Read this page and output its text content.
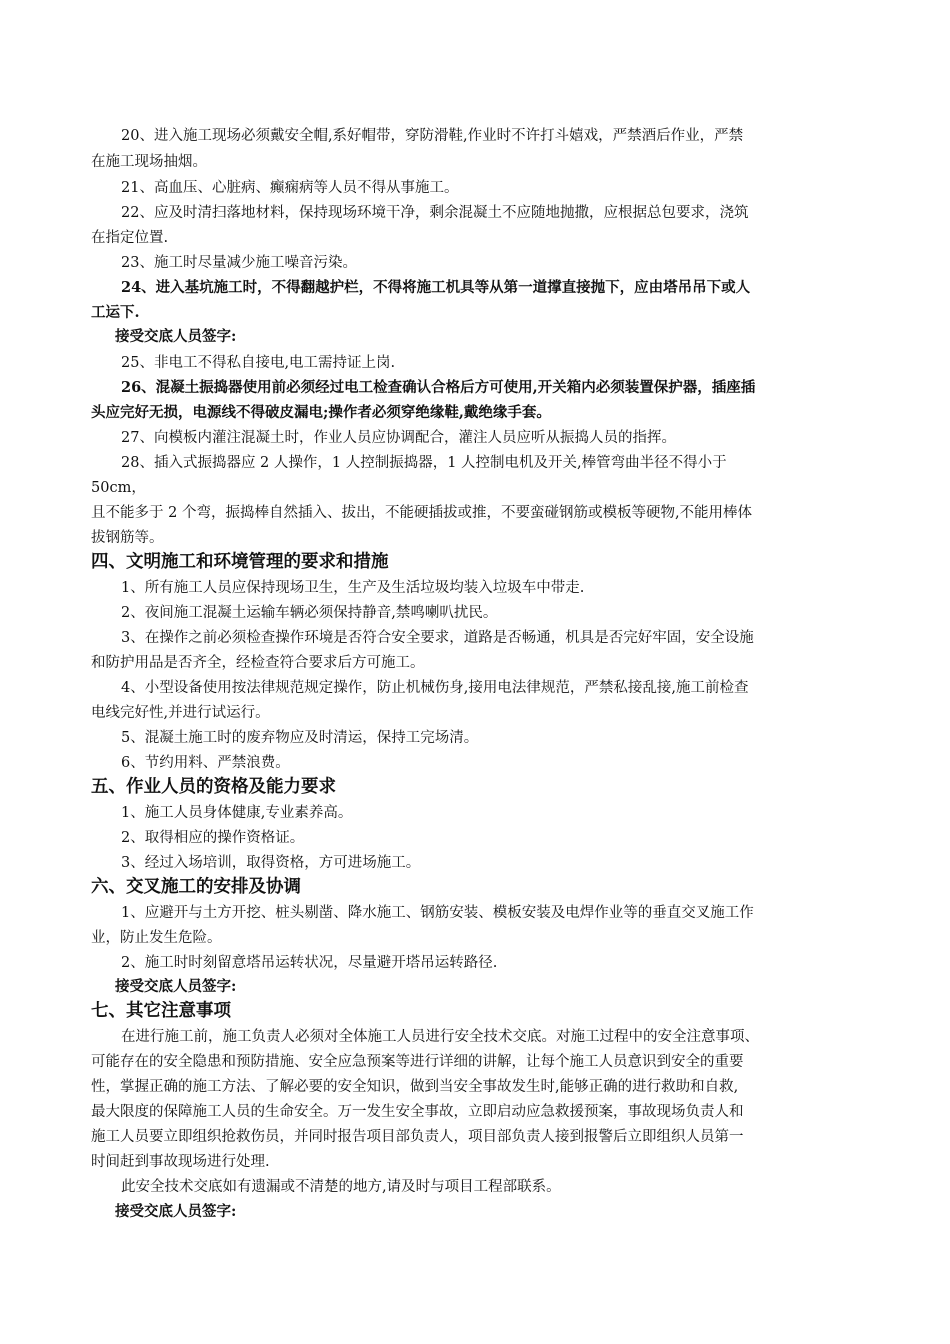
20、进入施工现场必须戴安全帽,系好帽带，穿防滑鞋,作业时不许打斗嬉戏，严禁酒后作业，严禁
在施工现场抽烟。
21、高血压、心脏病、癫痫病等人员不得从事施工。
22、应及时清扫落地材料，保持现场环境干净，剩余混凝土不应随地抛撒，应根据总包要求，浇筑
在指定位置.
23、施工时尽量减少施工噪音污染。
24、进入基坑施工时，不得翻越护栏，不得将施工机具等从第一道撑直接抛下，应由塔吊吊下或人
工运下.
接受交底人员签字:
25、非电工不得私自接电,电工需持证上岗.
26、混凝土振捣器使用前必须经过电工检查确认合格后方可使用,开关箱内必须装置保护器，插座插
头应完好无损，电源线不得破皮漏电;操作者必须穿绝缘鞋,戴绝缘手套。
27、向模板内灌注混凝土时，作业人员应协调配合，灌注人员应听从振捣人员的指挥。
28、插入式振捣器应 2 人操作，1 人控制振捣器，1 人控制电机及开关,棒管弯曲半径不得小于
50cm，
且不能多于 2 个弯，振捣棒自然插入、拔出，不能硬插拔或推，不要蛮碰钢筋或模板等硬物,不能用棒体
拔钢筋等。
四、文明施工和环境管理的要求和措施
1、所有施工人员应保持现场卫生，生产及生活垃圾均装入垃圾车中带走.
2、夜间施工混凝土运输车辆必须保持静音,禁鸣喇叭扰民。
3、在操作之前必须检查操作环境是否符合安全要求，道路是否畅通，机具是否完好牢固，安全设施
和防护用品是否齐全，经检查符合要求后方可施工。
4、小型设备使用按法律规范规定操作，防止机械伤身,接用电法律规范，严禁私接乱接,施工前检查
电线完好性,并进行试运行。
5、混凝土施工时的废弃物应及时清运，保持工完场清。
6、节约用料、严禁浪费。
五、作业人员的资格及能力要求
1、施工人员身体健康,专业素养高。
2、取得相应的操作资格证。
3、经过入场培训，取得资格，方可进场施工。
六、交叉施工的安排及协调
1、应避开与土方开挖、桩头剔凿、降水施工、钢筋安装、模板安装及电焊作业等的垂直交叉施工作
业，防止发生危险。
2、施工时时刻留意塔吊运转状况，尽量避开塔吊运转路径.
接受交底人员签字:
七、其它注意事项
在进行施工前，施工负责人必须对全体施工人员进行安全技术交底。对施工过程中的安全注意事项、
可能存在的安全隐患和预防措施、安全应急预案等进行详细的讲解，让每个施工人员意识到安全的重要
性，掌握正确的施工方法、了解必要的安全知识，做到当安全事故发生时,能够正确的进行救助和自救,
最大限度的保障施工人员的生命安全。万一发生安全事故，立即启动应急救援预案，事故现场负责人和
施工人员要立即组织抢救伤员，并同时报告项目部负责人，项目部负责人接到报警后立即组织人员第一
时间赶到事故现场进行处理.
此安全技术交底如有遗漏或不清楚的地方,请及时与项目工程部联系。
接受交底人员签字:
